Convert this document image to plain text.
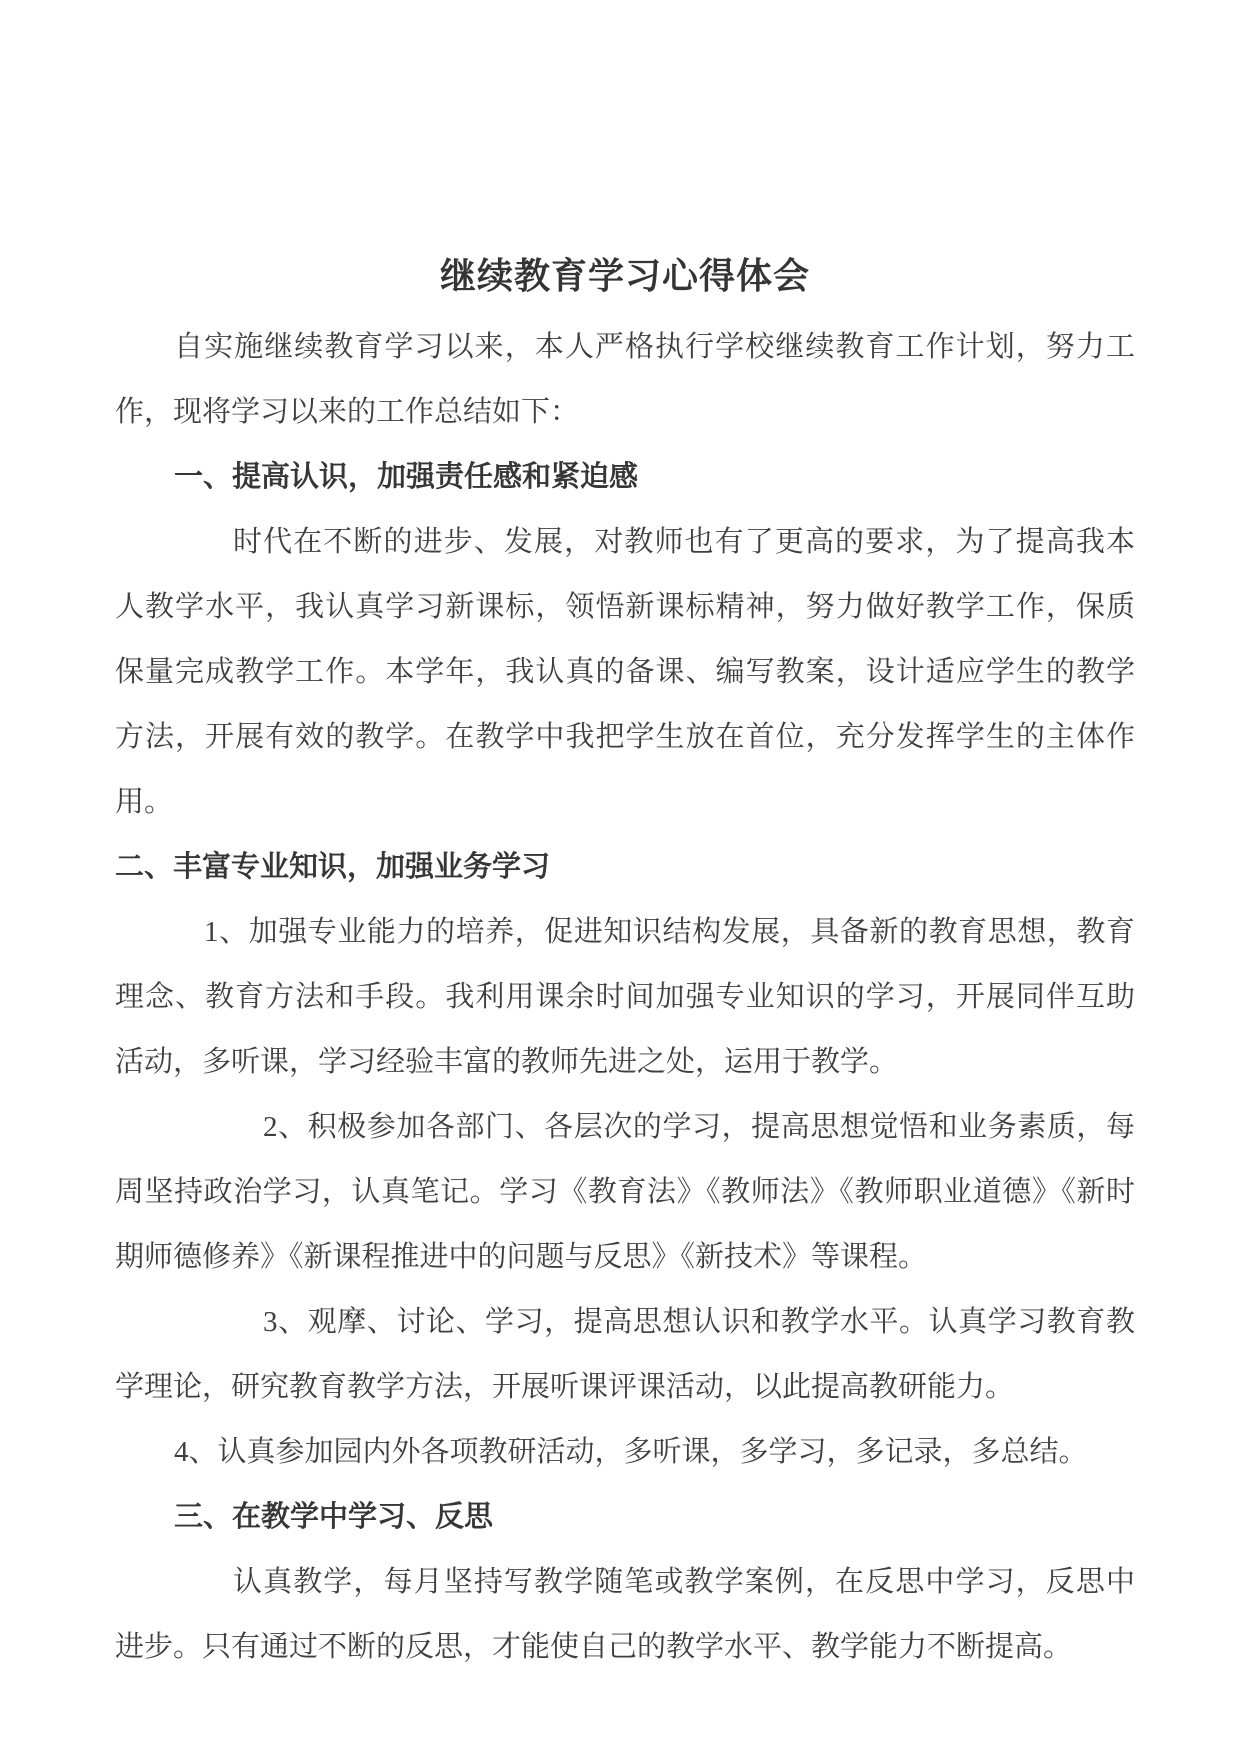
继续教育学习心得体会
自实施继续教育学习以来，本人严格执行学校继续教育工作计划，努力工
作，现将学习以来的工作总结如下：
一、提高认识，加强责任感和紧迫感
时代在不断的进步、发展，对教师也有了更高的要求，为了提高我本
人教学水平，我认真学习新课标，领悟新课标精神，努力做好教学工作，保质
保量完成教学工作。本学年，我认真的备课、编写教案，设计适应学生的教学
方法，开展有效的教学。在教学中我把学生放在首位，充分发挥学生的主体作
用。
二、丰富专业知识，加强业务学习
1、加强专业能力的培养，促进知识结构发展，具备新的教育思想，教育
理念、教育方法和手段。我利用课余时间加强专业知识的学习，开展同伴互助
活动，多听课，学习经验丰富的教师先进之处，运用于教学。
2、积极参加各部门、各层次的学习，提高思想觉悟和业务素质，每
周坚持政治学习，认真笔记。学习《教育法》《教师法》《教师职业道德》《新时
期师德修养》《新课程推进中的问题与反思》《新技术》等课程。
3、观摩、讨论、学习，提高思想认识和教学水平。认真学习教育教
学理论，研究教育教学方法，开展听课评课活动，以此提高教研能力。
4、认真参加园内外各项教研活动，多听课，多学习，多记录，多总结。
三、在教学中学习、反思
认真教学，每月坚持写教学随笔或教学案例，在反思中学习，反思中
进步。只有通过不断的反思，才能使自己的教学水平、教学能力不断提高。
